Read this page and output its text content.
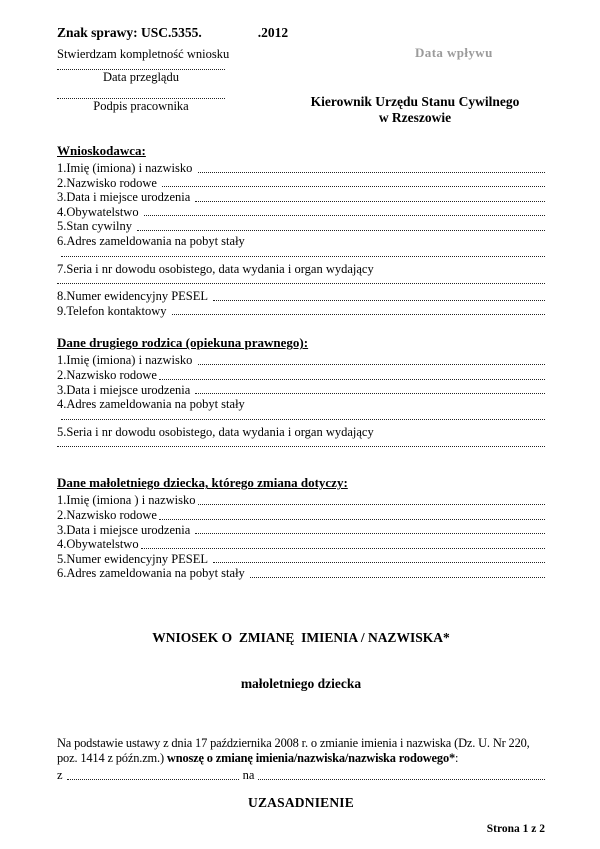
Znak sprawy: USC.5355.	.2012
Stwierdzam kompletność wniosku
Data przeglądu
Podpis pracownika
Data wpływu
Kierownik Urzędu Stanu Cywilnego
w Rzeszowie
Wnioskodawca:
1.Imię (imiona) i nazwisko
2.Nazwisko rodowe
3.Data i miejsce urodzenia
4.Obywatelstwo
5.Stan cywilny
6.Adres zameldowania na pobyt stały
7.Seria i nr dowodu osobistego, data wydania i organ wydający
8.Numer ewidencyjny PESEL
9.Telefon kontaktowy
Dane drugiego rodzica (opiekuna prawnego):
1.Imię (imiona) i nazwisko
2.Nazwisko rodowe
3.Data i miejsce urodzenia
4.Adres zameldowania na pobyt stały
5.Seria i nr dowodu osobistego, data wydania i organ wydający
Dane małoletniego dziecka, którego zmiana dotyczy:
1.Imię (imiona ) i nazwisko
2.Nazwisko rodowe
3.Data i miejsce urodzenia
4.Obywatelstwo
5.Numer ewidencyjny PESEL
6.Adres zameldowania na pobyt stały

WNIOSEK O  ZMIANĘ  IMIENIA / NAZWISKA*

małoletniego dziecka

Na podstawie ustawy z dnia 17 października 2008 r. o zmianie imienia i nazwiska (Dz. U. Nr 220, poz. 1414 z późn.zm.) wnoszę o zmianę imienia/nazwiska/nazwiska rodowego*:

z	na
UZASADNIENIE
Strona 1 z 2
